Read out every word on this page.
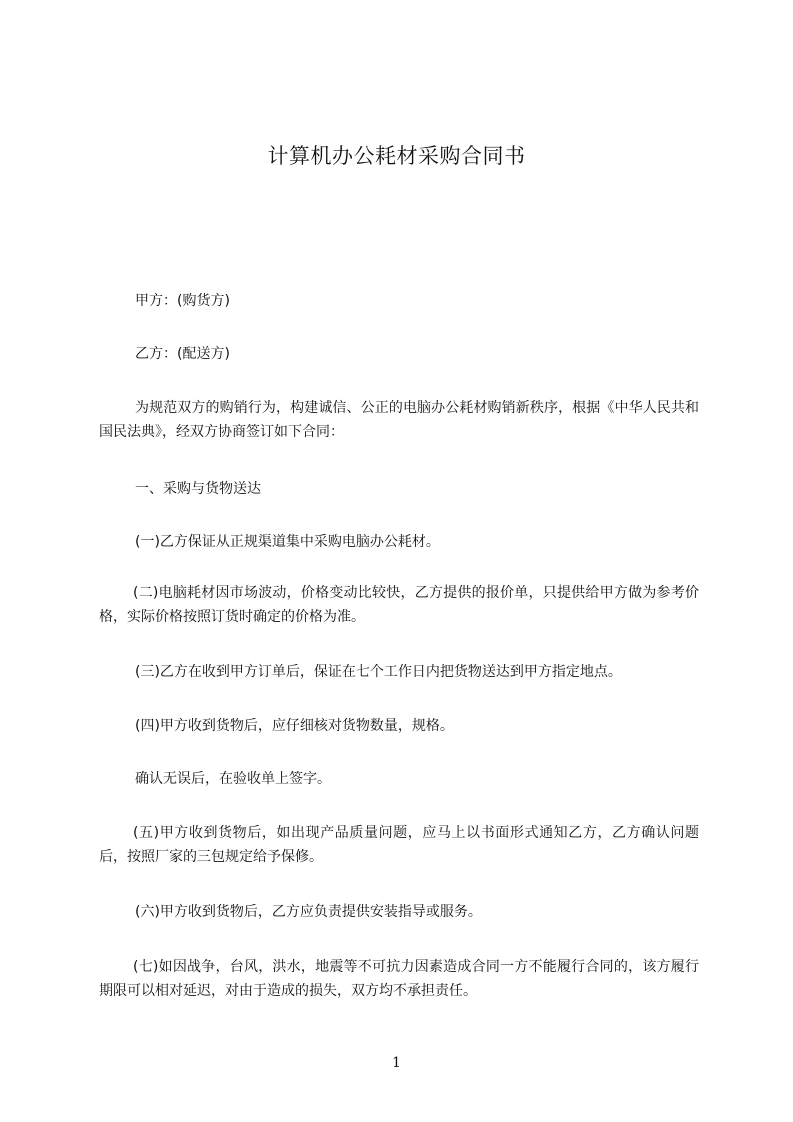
计算机办公耗材采购合同书

甲方：(购货方)

乙方：(配送方)

为规范双方的购销行为，构建诚信、公正的电脑办公耗材购销新秩序，根据《中华人民共和国民法典》，经双方协商签订如下合同：

一、采购与货物送达

(一)乙方保证从正规渠道集中采购电脑办公耗材。

(二)电脑耗材因市场波动，价格变动比较快，乙方提供的报价单，只提供给甲方做为参考价格，实际价格按照订货时确定的价格为准。

(三)乙方在收到甲方订单后，保证在七个工作日内把货物送达到甲方指定地点。

(四)甲方收到货物后，应仔细核对货物数量，规格。

确认无误后，在验收单上签字。

(五)甲方收到货物后，如出现产品质量问题，应马上以书面形式通知乙方，乙方确认问题后，按照厂家的三包规定给予保修。

(六)甲方收到货物后，乙方应负责提供安装指导或服务。

(七)如因战争，台风，洪水，地震等不可抗力因素造成合同一方不能履行合同的，该方履行期限可以相对延迟，对由于造成的损失，双方均不承担责任。

1
